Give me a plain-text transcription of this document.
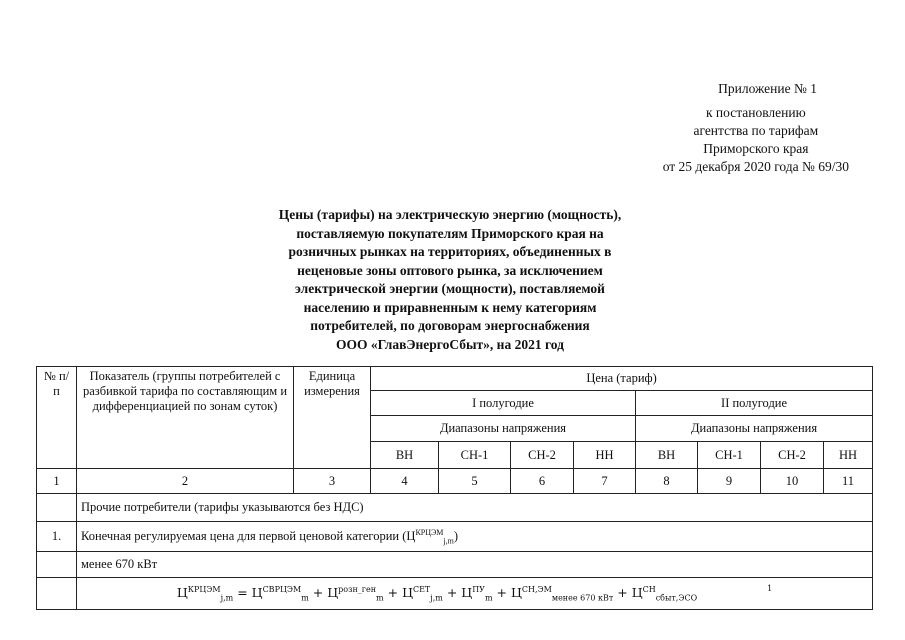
Приложение № 1
к постановлению
агентства по тарифам
Приморского края
от 25 декабря 2020 года № 69/30
Цены (тарифы) на электрическую энергию (мощность),
поставляемую покупателям Приморского края на
розничных рынках на территориях, объединенных в
неценовые зоны оптового рынка, за исключением
электрической энергии (мощности), поставляемой
населению и приравненным к нему категориям
потребителей, по договорам энергоснабжения
ООО «ГлавЭнергоСбыт», на 2021 год
№ п/п	Показатель (группы потребителей с разбивкой тарифа по составляющим и дифференциацией по зонам суток)	Единица измерения	Цена (тариф)							
			I полугодие				II полугодие			
			Диапазоны напряжения				Диапазоны напряжения			
			ВН	СН-1	СН-2	НН	ВН	СН-1	СН-2	НН
1	2	3	4	5	6	7	8	9	10	11
	Прочие потребители (тарифы указываются без НДС)									
1.	Конечная регулируемая цена для первой ценовой категории $(Ц^{КРЦЭМ}_{j,m})$									
	менее 670 кВт									
	$Ц^{КРЦЭМ}_{j,m} = Ц^{СВРЦЭМ}_m + Ц^{розн\_ген}_m + Ц^{СЕТ}_{j,m} + Ц^{ПУ}_m + Ц^{СН,ЭМ}_{менее 670 кВт} + Ц^{СН}_{сбыт,ЭСО}^1$
